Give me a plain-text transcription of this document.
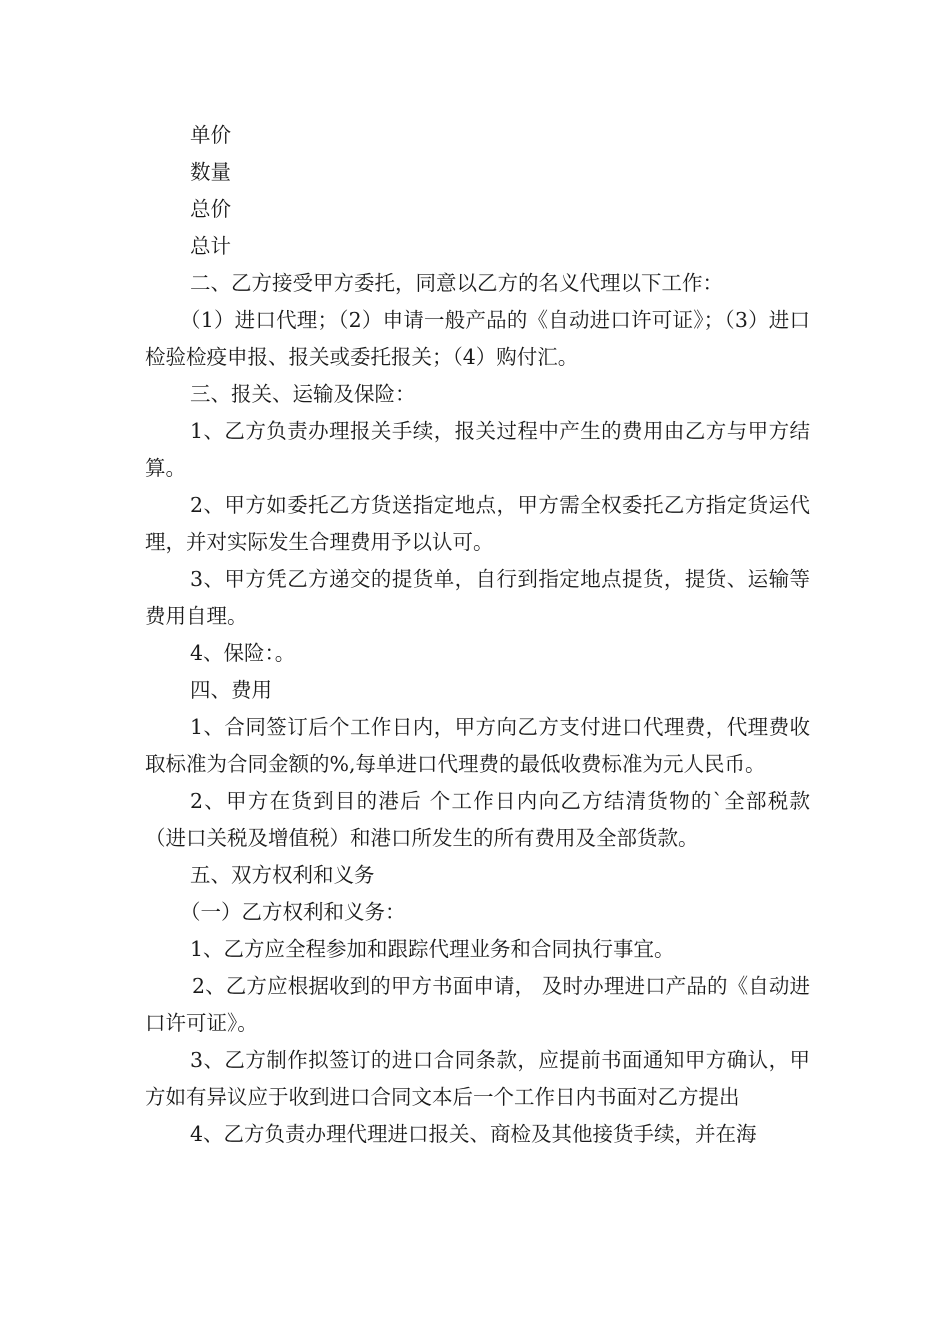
单价

数量

总价

总计

二、乙方接受甲方委托，同意以乙方的名义代理以下工作：

（1）进口代理；（2）申请一般产品的《自动进口许可证》；（3）进口检验检疫申报、报关或委托报关；（4）购付汇。

三、报关、运输及保险：

1、乙方负责办理报关手续，报关过程中产生的费用由乙方与甲方结算。

2、甲方如委托乙方货送指定地点，甲方需全权委托乙方指定货运代理，并对实际发生合理费用予以认可。

3、甲方凭乙方递交的提货单，自行到指定地点提货，提货、运输等费用自理。

4、保险：。

四、费用

1、合同签订后个工作日内，甲方向乙方支付进口代理费，代理费收取标准为合同金额的%,每单进口代理费的最低收费标准为元人民币。

2、甲方在货到目的港后 个工作日内向乙方结清货物的`全部税款（进口关税及增值税）和港口所发生的所有费用及全部货款。

五、双方权利和义务

（一）乙方权利和义务：

1、乙方应全程参加和跟踪代理业务和合同执行事宜。

2、乙方应根据收到的甲方书面申请， 及时办理进口产品的《自动进口许可证》。

3、乙方制作拟签订的进口合同条款，应提前书面通知甲方确认，甲方如有异议应于收到进口合同文本后一个工作日内书面对乙方提出

4、乙方负责办理代理进口报关、商检及其他接货手续，并在海
